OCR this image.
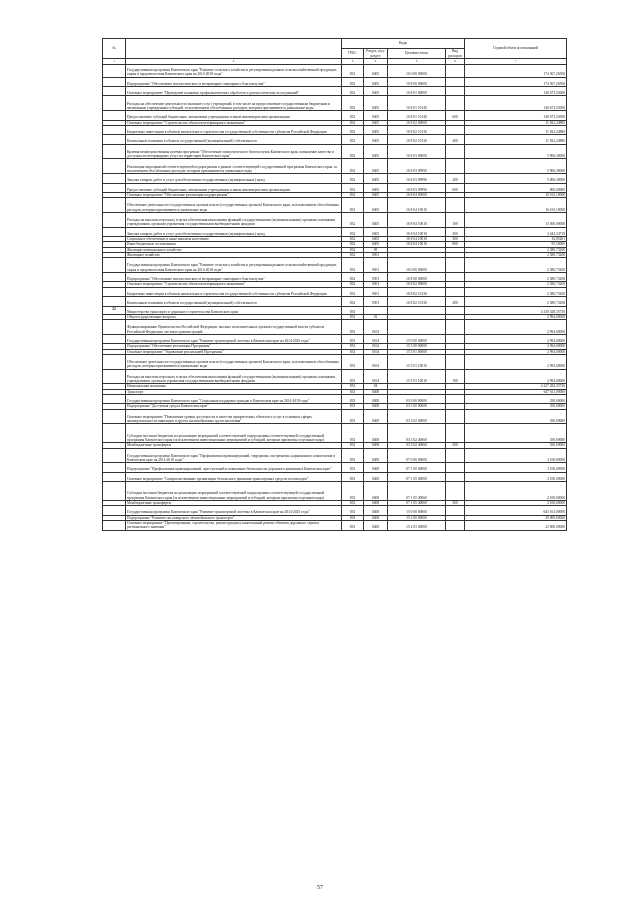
№		Коды				Годовой объем ассигнований
		ГРБС	Раздел, под-раздел	Целевая статья	Вид расходов	
1	2	3	4	5	6	7
	Государственная программа Камчатского края "Развитие сельского хозяйства и регулирования рынков сельскохозяйственной продукции, сырья и продовольствия Камчатского края на 2014-2018 годы"	832	0405	16 0 00 00000		174 567,26500
	Подпрограмма "Обеспечение эпизоотического и ветеринарно-санитарного благополучия"	832	0405	16 8 00 00000		174 567,26500
	Основное мероприятие "Проведение плановых профилактических обработок и диагностических исследований"	832	0405	16 8 01 00000		140 673,52000
	Расходы на обеспечение деятельности (оказание услуг) учреждений, в том числе на предоставление государственным бюджетным и автономным учреждениям субсидий, за исключением обособленных расходов, которым присваиваются уникальные коды	832	0405	16 8 01 10140		140 673,52000
	Предоставление субсидий бюджетным, автономным учреждениям и иным некоммерческим организациям	832	0405	16 8 01 10140	600	140 673,52000
	Основное мероприятие "Строительство объектов ветеринарного назначения"	832	0405	16 8 02 00000		11 822,24880
	Бюджетные инвестиции в объекты капитального строительства государственной собственности субъектов Российской Федерации	832	0405	16 8 02 10130		11 822,24880
	Капитальные вложения в объекты государственной (муниципальной) собственности	832	0405	16 8 02 10130	400	11 822,24880
	Краевая межведомственная целевая программа "Обеспечение эпизоотического благополучия Камчатского края, повышение качества и доступности ветеринарных услуг на территории Камчатского края"	832	0405	16 8 03 00000		5 906,30000
	Реализация мероприятий соответствующей подпрограммы в рамках соответствующей государственной программы Камчатского края, за исключением обособленных расходов, которым присваиваются уникальные коды	832	0405	16 8 03 09990		5 906,30000
	Закупка товаров, работ и услуг для обеспечения государственных (муниципальных) нужд	832	0405	16 8 03 09990	200	5 006,30000
	Предоставление субсидий бюджетным, автономным учреждениям и иным некоммерческим организациям	832	0405	16 8 03 09990	600	900,00000
	Основное мероприятие "Обеспечение реализации подпрограммы"	832	0405	16 8 04 00000		16 165,10000
	Обеспечение деятельности государственных органов власти (государственных органов) Камчатского края, за исключением обособленных расходов, которым присваиваются уникальные коды	832	0405	16 8 04 10010		16 165,10000
	Расходы на выплаты персоналу в целях обеспечения выполнения функций государственными (муниципальными) органами, казенными учреждениями, органами управления государственными внебюджетными фондами	832	0405	16 8 04 10010	100	13 360,00000
	Закупка товаров, работ и услуг для обеспечения государственных (муниципальных) нужд	832	0405	16 8 04 10010	200	2 443,34719
	Социальное обеспечение и иные выплаты населению	832	0405	16 8 04 10010	300	16,85261
	Иные бюджетные ассигнования	832	0405	16 8 04 10010	800	95,50000
	Жилищно-коммунальное хозяйство	832	05			2 380,73200
	Жилищное хозяйство	832	0501			2 380,73200
	Государственная программа Камчатского края "Развитие сельского хозяйства и регулирования рынков сельскохозяйственной продукции, сырья и продовольствия Камчатского края на 2014-2018 годы"	832	0501	16 0 00 00000		2 380,73200
	Подпрограмма "Обеспечение эпизоотического и ветеринарно-санитарного благополучия"	832	0501	16 8 00 00000		2 380,73200
	Основное мероприятие "Строительство объектов ветеринарного назначения"	832	0501	16 8 02 00000		2 380,73200
	Бюджетные инвестиции в объекты капитального строительства государственной собственности субъектов Российской Федерации	832	0501	16 8 02 10130		2 380,73200
	Капитальные вложения в объекты государственной (муниципальной) собственности	832	0501	16 8 02 10130	400	2 380,73200
22	Министерство транспорта и дорожного строительства Камчатского края	833				4 230 328,35736
	Общегосударственные вопросы	833	01			2 994,00000
	Функционирование Правительства Российской Федерации, высших исполнительных органов государственной власти субъектов Российской Федерации, местных администраций	833	0104			2 994,00000
	Государственная программа Камчатского края "Развитие транспортной системы в Камчатском крае на 2014-2025 годы"	833	0104	15 0 00 00000		2 994,00000
	Подпрограмма "Обеспечение реализации Программы"	833	0104	15 5 00 00000		2 994,00000
	Основное мероприятие "Управление реализацией Программы"	833	0104	15 5 01 00000		2 994,00000
	Обеспечение деятельности государственных органов власти (государственных органов) Камчатского края, за исключением обособленных расходов, которым присваиваются уникальные коды	833	0104	15 5 01 10010		2 994,00000
	Расходы на выплаты персоналу в целях обеспечения выполнения функций государственными (муниципальными) органами, казенными учреждениями, органами управления государственными внебюджетными фондами	833	0104	15 5 01 10010	100	2 994,00000
	Национальная экономика	833	04			4 227 284,35736
	Транспорт	833	0408			647 611,00000
	Государственная программа Камчатского края "Социальная поддержка граждан в Камчатском крае на 2014-2018 годы"	833	0408	03 0 00 00000		350,00000
	Подпрограмма "Доступная среда в Камчатском крае"	833	0408	03 3 00 00000		350,00000
	Основное мероприятие "Повышение уровня доступности и качества приоритетных объектов и услуг в основных сферах жизнедеятельности инвалидов и других маломобильных групп населения"	833	0408	03 3 02 00000		350,00000
	Субсидии местным бюджетам на реализацию мероприятий соответствующей подпрограммы соответствующей государственной программы Камчатского края (за исключением инвестиционных мероприятий и субсидий, которым присвоены отдельные коды)	833	0408	03 3 02 40060		350,00000
	Межбюджетные трансферты	833	0408	03 3 02 40060	500	350,00000
	Государственная программа Камчатского края "Профилактика правонарушений, терроризма, экстремизма, наркомании и алкоголизма в Камчатском крае на 2014-2018 годы"	833	0408	07 0 00 00000		2 100,00000
	Подпрограмма "Профилактика правонарушений, преступлений и повышение безопасности дорожного движения в Камчатском крае"	833	0408	07 1 00 00000		2 100,00000
	Основное мероприятие "Совершенствование организации безопасного движения транспортных средств и пешеходов"	833	0408	07 1 05 00000		2 100,00000
	Субсидии местным бюджетам на реализацию мероприятий соответствующей подпрограммы соответствующей государственной программы Камчатского края (за исключением инвестиционных мероприятий и субсидий, которым присвоены отдельные коды)	833	0408	07 1 05 40060		2 100,00000
	Межбюджетные трансферты	833	0408	07 1 05 40060	500	2 100,00000
	Государственная программа Камчатского края "Развитие транспортной системы в Камчатском крае на 2014-2025 годы"	833	0408	15 0 00 00000		645 161,00000
	Подпрограмма "Развитие пассажирского автомобильного транспорта"	833	0408	15 2 00 00000		29 000,00000
	Основное мероприятие "Проектирование, строительство, реконструкция и капитальный ремонт объектов дорожного сервиса регионального значения"	833	0408	15 2 03 00000		22 000,00000
57
